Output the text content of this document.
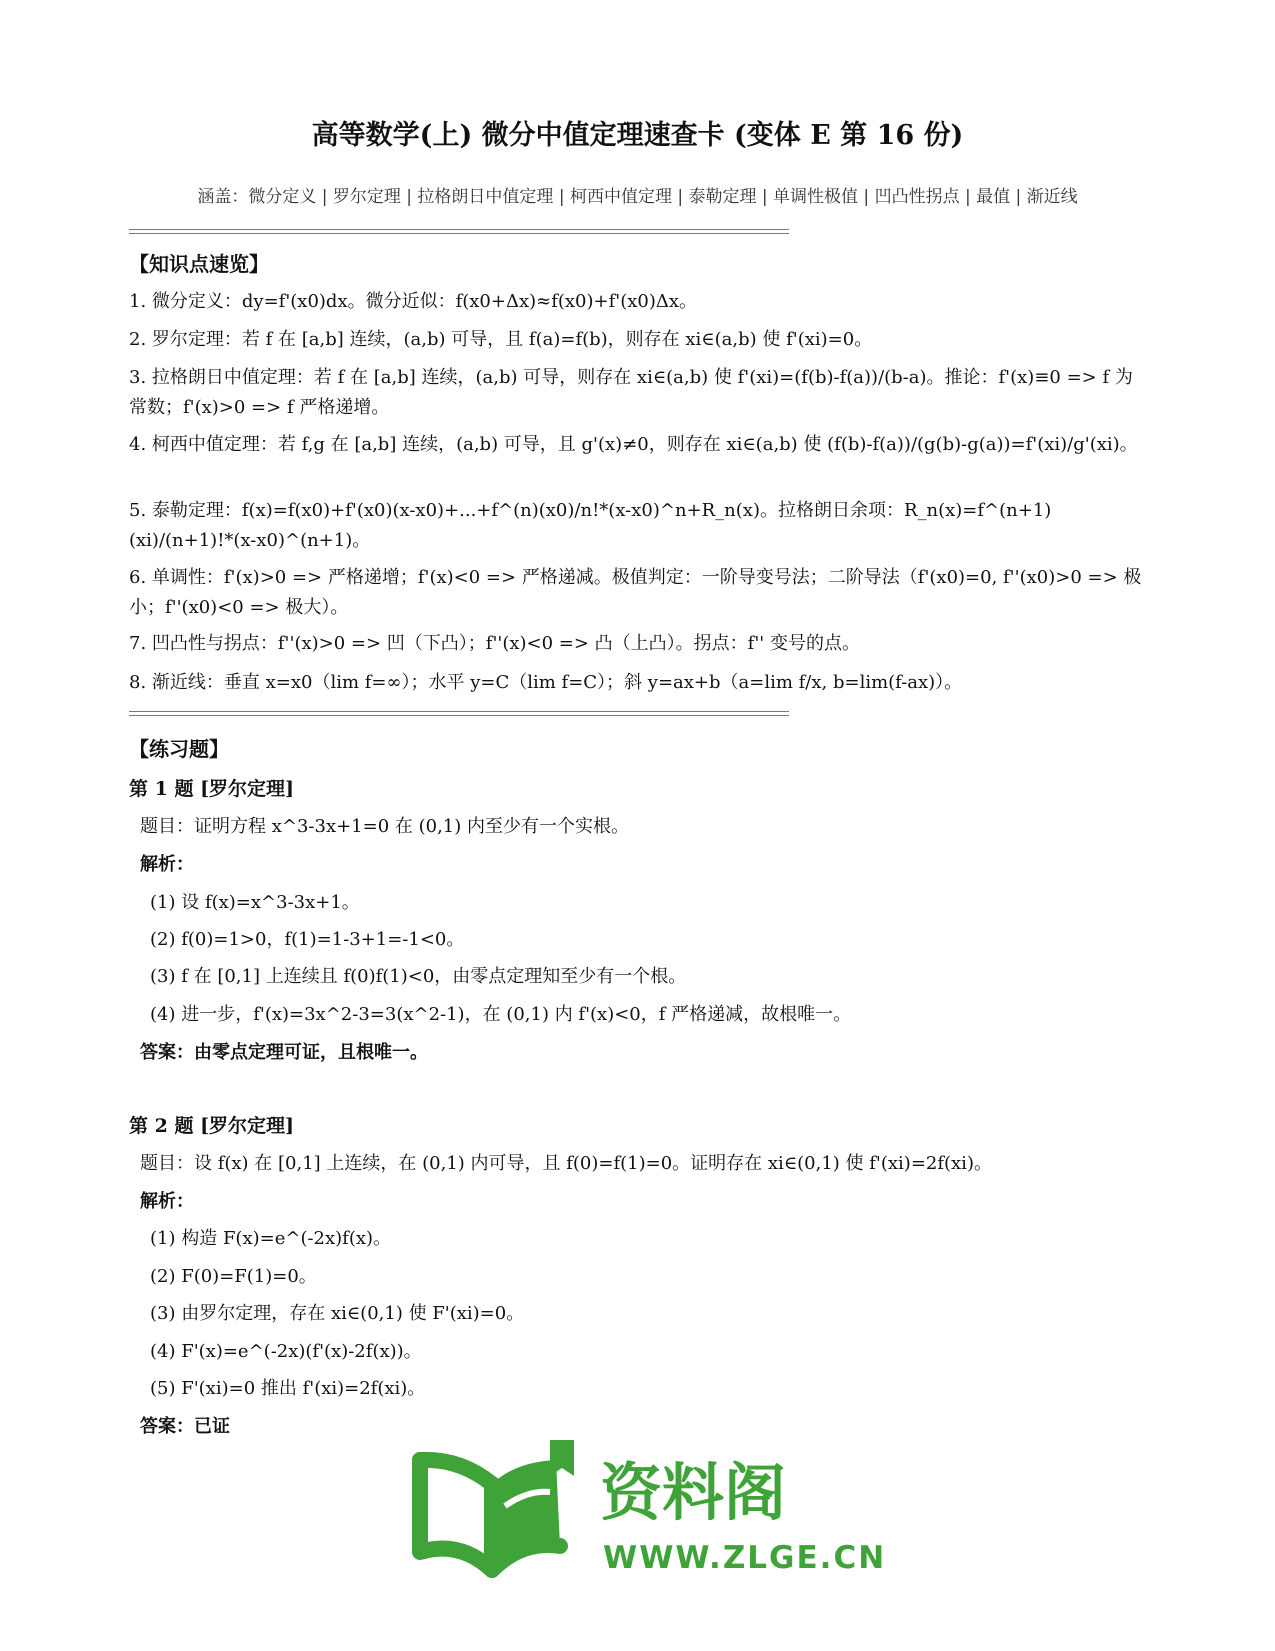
高等数学(上) 微分中值定理速查卡 (变体 E 第 16 份)
涵盖：微分定义 | 罗尔定理 | 拉格朗日中值定理 | 柯西中值定理 | 泰勒定理 | 单调性极值 | 凹凸性拐点 | 最值 | 渐近线
【知识点速览】
1. 微分定义：dy=f'(x0)dx。微分近似：f(x0+Δx)≈f(x0)+f'(x0)Δx。
2. 罗尔定理：若 f 在 [a,b] 连续，(a,b) 可导，且 f(a)=f(b)，则存在 xi∈(a,b) 使 f'(xi)=0。
3. 拉格朗日中值定理：若 f 在 [a,b] 连续，(a,b) 可导，则存在 xi∈(a,b) 使 f'(xi)=(f(b)-f(a))/(b-a)。推论：f'(x)≡0 => f 为常数；f'(x)>0 => f 严格递增。
4. 柯西中值定理：若 f,g 在 [a,b] 连续，(a,b) 可导，且 g'(x)≠0，则存在 xi∈(a,b) 使 (f(b)-f(a))/(g(b)-g(a))=f'(xi)/g'(xi)。
5. 泰勒定理：f(x)=f(x0)+f'(x0)(x-x0)+...+f^(n)(x0)/n!*(x-x0)^n+R_n(x)。拉格朗日余项：R_n(x)=f^(n+1)(xi)/(n+1)!*(x-x0)^(n+1)。
6. 单调性：f'(x)>0 => 严格递增；f'(x)<0 => 严格递减。极值判定：一阶导变号法；二阶导法（f'(x0)=0, f''(x0)>0 => 极小；f''(x0)<0 => 极大）。
7. 凹凸性与拐点：f''(x)>0 => 凹（下凸）；f''(x)<0 => 凸（上凸）。拐点：f'' 变号的点。
8. 渐近线：垂直 x=x0（lim f=∞）；水平 y=C（lim f=C）；斜 y=ax+b（a=lim f/x, b=lim(f-ax)）。
【练习题】
第 1 题 [罗尔定理]
题目：证明方程 x^3-3x+1=0 在 (0,1) 内至少有一个实根。
解析：
(1) 设 f(x)=x^3-3x+1。
(2) f(0)=1>0，f(1)=1-3+1=-1<0。
(3) f 在 [0,1] 上连续且 f(0)f(1)<0，由零点定理知至少有一个根。
(4) 进一步，f'(x)=3x^2-3=3(x^2-1)，在 (0,1) 内 f'(x)<0，f 严格递减，故根唯一。
答案：由零点定理可证，且根唯一。
第 2 题 [罗尔定理]
题目：设 f(x) 在 [0,1] 上连续，在 (0,1) 内可导，且 f(0)=f(1)=0。证明存在 xi∈(0,1) 使 f'(xi)=2f(xi)。
解析：
(1) 构造 F(x)=e^(-2x)f(x)。
(2) F(0)=F(1)=0。
(3) 由罗尔定理，存在 xi∈(0,1) 使 F'(xi)=0。
(4) F'(x)=e^(-2x)(f'(x)-2f(x))。
(5) F'(xi)=0 推出 f'(xi)=2f(xi)。
答案：已证
资料阁
WWW.ZLGE.CN
